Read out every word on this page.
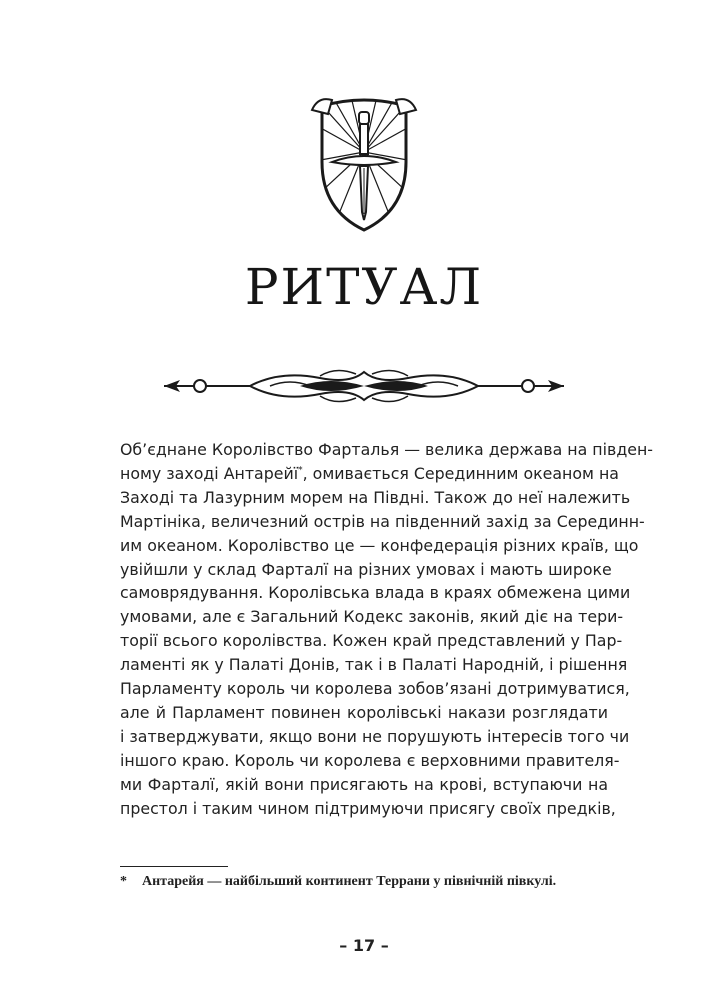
РИТУАЛ
Об’єднане Королівство Фарталья — велика держава на півден-
ному заході Антарейї*, омивається Серединним океаном на
Заході та Лазурним морем на Півдні. Також до неї належить
Мартініка, величезний острів на південний захід за Серединн-
им океаном. Королівство це — конфедерація різних країв, що
увійшли у склад Фарталї на різних умовах і мають широке
самоврядування. Королівська влада в краях обмежена цими
умовами, але є Загальний Кодекс законів, який діє на тери-
торії всього королівства. Кожен край представлений у Пар-
ламенті як у Палаті Донів, так і в Палаті Народній, і рішення
Парламенту король чи королева зобов’язані дотримуватися,
але й Парламент повинен королівські накази розглядати
і затверджувати, якщо вони не порушують інтересів того чи
іншого краю. Король чи королева є верховними правителя-
ми Фарталї, якій вони присягають на крові, вступаючи на
престол і таким чином підтримуючи присягу своїх предків,
* Антарейя — найбільший континент Террани у північній півкулі.
– 17 –
